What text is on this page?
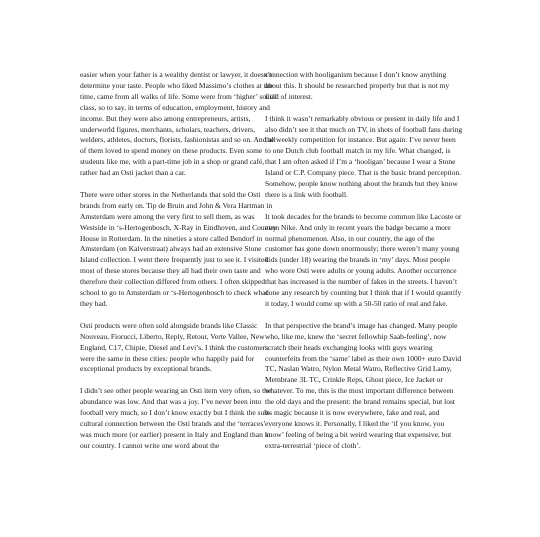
easier when your father is a wealthy dentist or lawyer, it doesn’t determine your taste. People who liked Massimo’s clothes at the time, came from all walks of life. Some were from ‘higher’ social class, so to say, in terms of education, employment, history and income. But they were also among entrepreneurs, artists, underworld figures, merchants, scholars, teachers, drivers, welders, athletes, doctors, florists, fashionistas and so on. And all of them loved to spend money on these products. Even some students like me, with a part-time job in a shop or grand café, rather had an Osti jacket than a car.

There were other stores in the Netherlands that sold the Osti brands from early on. Tip de Bruin and John & Vera Hartman in Amsterdam were among the very first to sell them, as was Westside in ‘s-Hertogenbosch, X-Ray in Eindhoven, and Country House in Rotterdam. In the nineties a store called Bendorf in Amsterdam (on Kalverstraat) always had an extensive Stone Island collection. I went there frequently just to see it. I visited most of these stores because they all had their own taste and therefore their collection differed from others. I often skipped school to go to Amsterdam or ‘s-Hertogenbosch to check what they had.

Osti products were often sold alongside brands like Classic Nouveau, Fiorucci, Liberto, Reply, Retour, Verte Vallee, New England, C17, Chipie, Diesel and Levi’s. I think the customers were the same in these cities: people who happily paid for exceptional products by exceptional brands.

I didn’t see other people wearing an Osti item very often, so the abundance was low. And that was a joy. I’ve never been into football very much, so I don’t know exactly but I think the sub-cultural connection between the Osti brands and the ‘terraces’ was much more (or earlier) present in Italy and England than in our country. I cannot write one word about the

connection with hooliganism because I don’t know anything about this. It should be researched properly but that is not my field of interest.

I think it wasn’t remarkably obvious or present in daily life and I also didn’t see it that much on TV, in shots of football fans during the weekly competition for instance. But again: I’ve never been to one Dutch club football match in my life. What changed, is that I am often asked if I’m a ‘hooligan’ because I wear a Stone Island or C.P. Company piece. That is the basic brand perception. Somehow, people know nothing about the brands but they know there is a link with football.

It took decades for the brands to become common like Lacoste or even Nike. And only in recent years the badge became a more normal phenomenon. Also, in our country, the age of the customer has gone down enormously; there weren’t many young kids (under 18) wearing the brands in ‘my’ days. Most people who wore Osti were adults or young adults. Another occurrence that has increased is the number of fakes in the streets. I haven’t done any research by counting but I think that if I would quantify it today, I would come up with a 50-50 ratio of real and fake.

In that perspective the brand’s image has changed. Many people who, like me, knew the ‘secret fellowhip Saab-feeling’, now scratch their heads exchanging looks with guys wearing counterfeits from the ‘same’ label as their own 1000+ euro David TC, Naslan Watro, Nylon Metal Watro, Reflective Grid Lamy, Membrane 3L TC, Crinkle Reps, Ghost piece, Ice Jacket or whatever. To me, this is the most important difference between the old days and the present: the brand remains special, but lost its magic because it is now everywhere, fake and real, and everyone knows it. Personally, I liked the ‘if you know, you know’ feeling of being a bit weird wearing that expensive, but extra-terrestrial ‘piece of cloth’.
